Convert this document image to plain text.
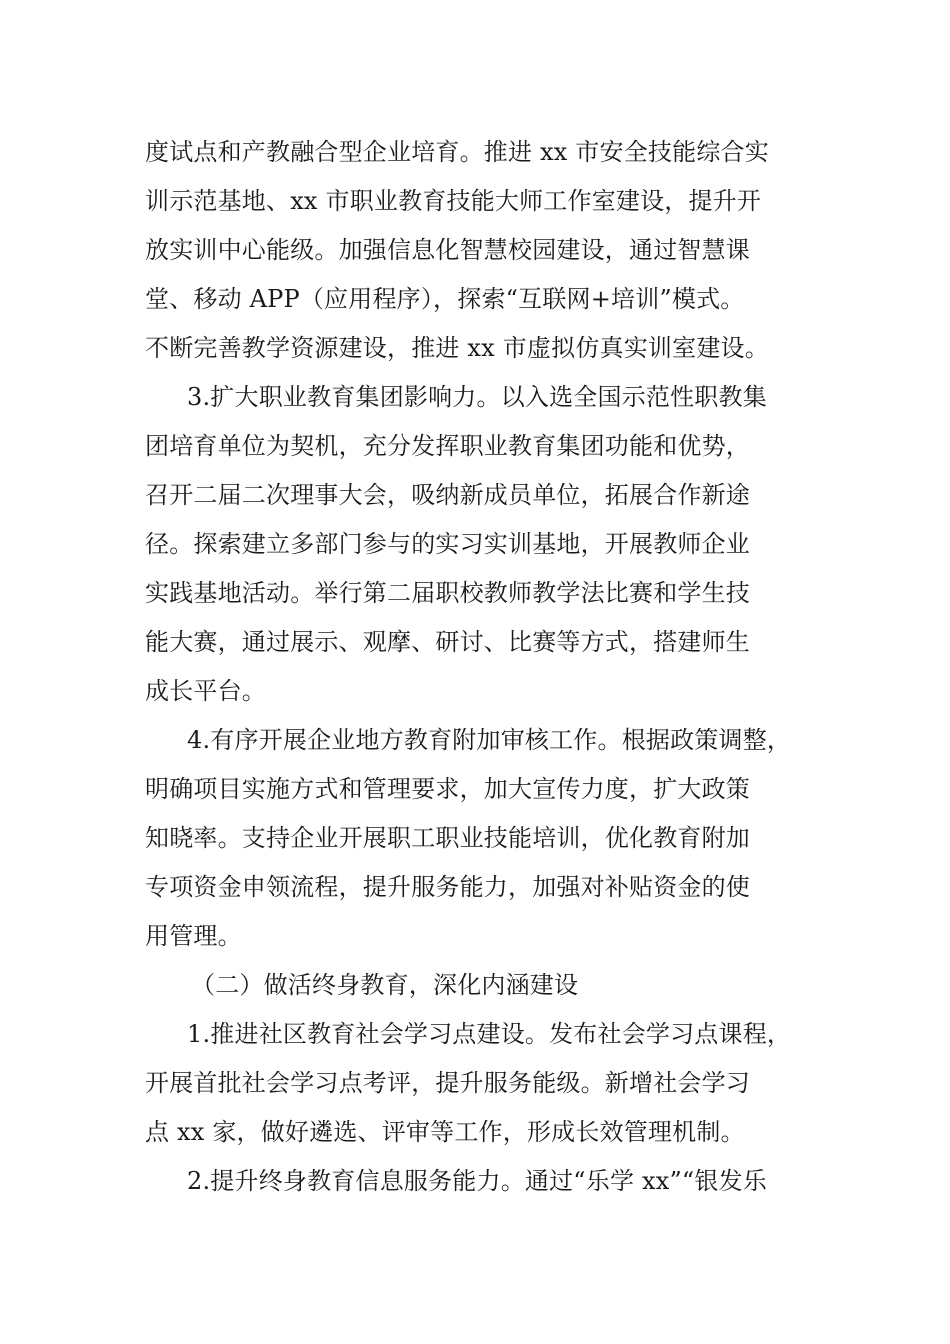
度试点和产教融合型企业培育。推进 xx 市安全技能综合实
训示范基地、xx 市职业教育技能大师工作室建设，提升开
放实训中心能级。加强信息化智慧校园建设，通过智慧课
堂、移动 APP（应用程序），探索“互联网+培训”模式。
不断完善教学资源建设，推进 xx 市虚拟仿真实训室建设。
3.扩大职业教育集团影响力。以入选全国示范性职教集
团培育单位为契机，充分发挥职业教育集团功能和优势，
召开二届二次理事大会，吸纳新成员单位，拓展合作新途
径。探索建立多部门参与的实习实训基地，开展教师企业
实践基地活动。举行第二届职校教师教学法比赛和学生技
能大赛，通过展示、观摩、研讨、比赛等方式，搭建师生
成长平台。
4.有序开展企业地方教育附加审核工作。根据政策调整，
明确项目实施方式和管理要求，加大宣传力度，扩大政策
知晓率。支持企业开展职工职业技能培训，优化教育附加
专项资金申领流程，提升服务能力，加强对补贴资金的使
用管理。
（二）做活终身教育，深化内涵建设
1.推进社区教育社会学习点建设。发布社会学习点课程，
开展首批社会学习点考评，提升服务能级。新增社会学习
点 xx 家，做好遴选、评审等工作，形成长效管理机制。
2.提升终身教育信息服务能力。通过“乐学 xx”“银发乐
